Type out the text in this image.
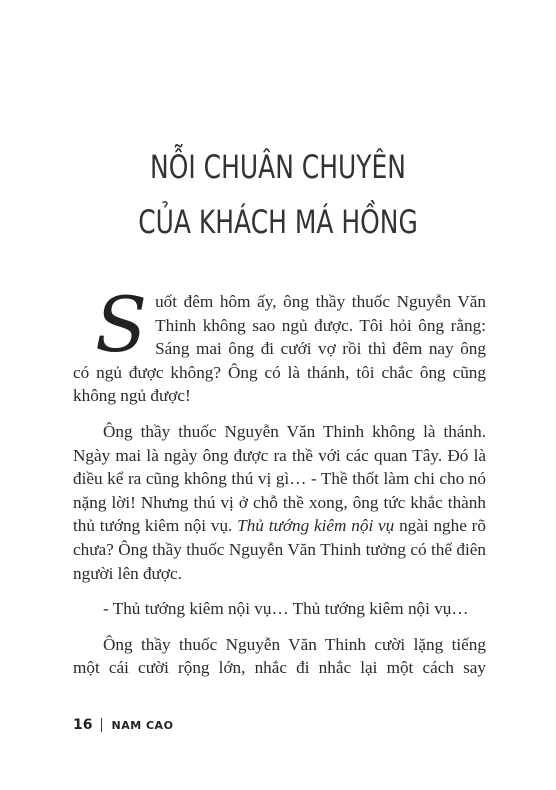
NỖI CHUÂN CHUYÊN
CỦA KHÁCH MÁ HỒNG

S uốt đêm hôm ấy, ông thầy thuốc Nguyễn Văn
Thinh không sao ngủ được. Tôi hỏi ông rằng:
Sáng mai ông đi cưới vợ rồi thì đêm nay ông
có ngủ được không? Ông có là thánh, tôi chắc ông cũng
không ngủ được!

Ông thầy thuốc Nguyễn Văn Thinh không là thánh. Ngày mai là ngày ông được ra thề với các quan Tây. Đó là điều kể ra cũng không thú vị gì… - Thề thốt làm chi cho nó nặng lời! Nhưng thú vị ở chỗ thề xong, ông tức khắc thành thủ tướng kiêm nội vụ. Thủ tướng kiêm nội vụ ngài nghe rõ chưa? Ông thầy thuốc Nguyễn Văn Thinh tưởng có thể điên người lên được.

- Thủ tướng kiêm nội vụ… Thủ tướng kiêm nội vụ…

Ông thầy thuốc Nguyễn Văn Thinh cười lặng tiếng
một cái cười rộng lớn, nhắc đi nhắc lại một cách say

16 NAM CAO
